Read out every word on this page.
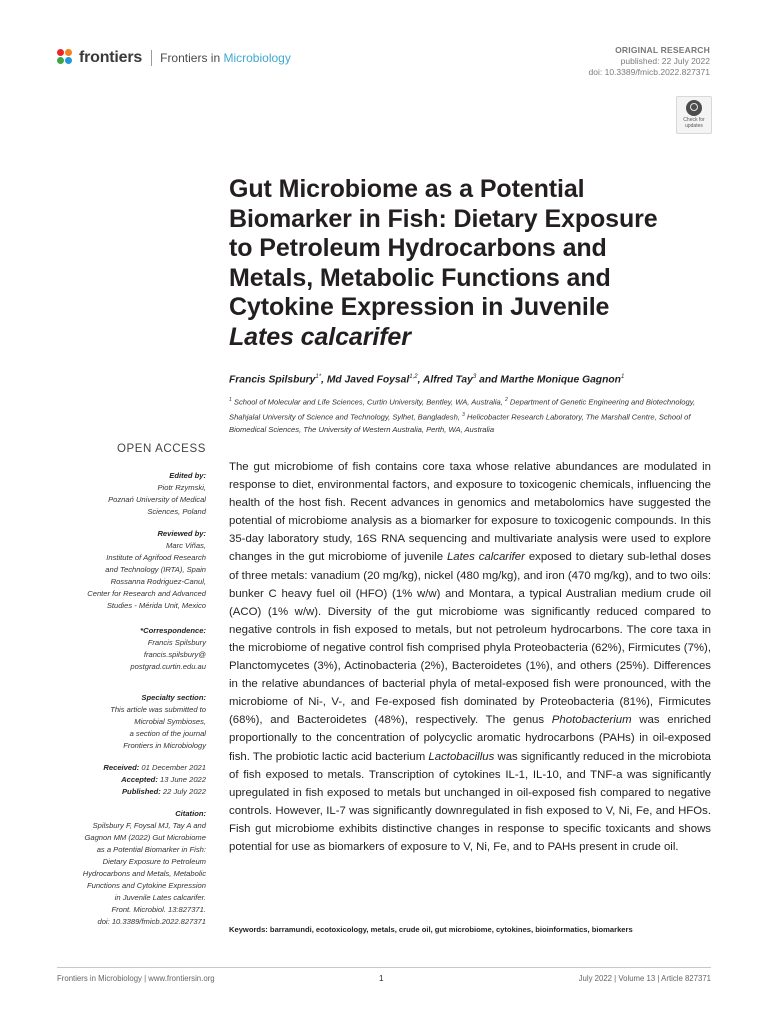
frontiers Frontiers in Microbiology
ORIGINAL RESEARCH
published: 22 July 2022
doi: 10.3389/fmicb.2022.827371
Check for updates
Gut Microbiome as a Potential
Biomarker in Fish: Dietary Exposure
to Petroleum Hydrocarbons and
Metals, Metabolic Functions and
Cytokine Expression in Juvenile
Lates calcarifer
Francis Spilsbury$^{1*}$, Md Javed Foysal$^{1,2}$, Alfred Tay$^3$ and Marthe Monique Gagnon$^1$
$^1$ School of Molecular and Life Sciences, Curtin University, Bentley, WA, Australia, $^2$ Department of Genetic Engineering and Biotechnology, Shahjalal University of Science and Technology, Sylhet, Bangladesh, $^3$ Helicobacter Research Laboratory, The Marshall Centre, School of Biomedical Sciences, The University of Western Australia, Perth, WA, Australia
OPEN ACCESS
Edited by:
Piotr Rzymski,
Poznań University of Medical
Sciences, Poland
Reviewed by:
Marc Viñas,
Institute of Agrifood Research
and Technology (IRTA), Spain
Rossanna Rodriguez-Canul,
Center for Research and Advanced
Studies - Mérida Unit, Mexico
*Correspondence:
Francis Spilsbury
francis.spilsbury@
postgrad.curtin.edu.au
Specialty section:
This article was submitted to
Microbial Symbioses,
a section of the journal
Frontiers in Microbiology
Received: 01 December 2021
Accepted: 13 June 2022
Published: 22 July 2022
Citation:
Spilsbury F, Foysal MJ, Tay A and
Gagnon MM (2022) Gut Microbiome
as a Potential Biomarker in Fish:
Dietary Exposure to Petroleum
Hydrocarbons and Metals, Metabolic
Functions and Cytokine Expression
in Juvenile Lates calcarifer.
Front. Microbiol. 13:827371.
doi: 10.3389/fmicb.2022.827371
The gut microbiome of fish contains core taxa whose relative abundances are modulated in response to diet, environmental factors, and exposure to toxicogenic chemicals, influencing the health of the host fish. Recent advances in genomics and metabolomics have suggested the potential of microbiome analysis as a biomarker for exposure to toxicogenic compounds. In this 35-day laboratory study, 16S RNA sequencing and multivariate analysis were used to explore changes in the gut microbiome of juvenile Lates calcarifer exposed to dietary sub-lethal doses of three metals: vanadium (20 mg/kg), nickel (480 mg/kg), and iron (470 mg/kg), and to two oils: bunker C heavy fuel oil (HFO) (1% w/w) and Montara, a typical Australian medium crude oil (ACO) (1% w/w). Diversity of the gut microbiome was significantly reduced compared to negative controls in fish exposed to metals, but not petroleum hydrocarbons. The core taxa in the microbiome of negative control fish comprised phyla Proteobacteria (62%), Firmicutes (7%), Planctomycetes (3%), Actinobacteria (2%), Bacteroidetes (1%), and others (25%). Differences in the relative abundances of bacterial phyla of metal-exposed fish were pronounced, with the microbiome of Ni-, V-, and Fe-exposed fish dominated by Proteobacteria (81%), Firmicutes (68%), and Bacteroidetes (48%), respectively. The genus Photobacterium was enriched proportionally to the concentration of polycyclic aromatic hydrocarbons (PAHs) in oil-exposed fish. The probiotic lactic acid bacterium Lactobacillus was significantly reduced in the microbiota of fish exposed to metals. Transcription of cytokines IL-1, IL-10, and TNF-a was significantly upregulated in fish exposed to metals but unchanged in oil-exposed fish compared to negative controls. However, IL-7 was significantly downregulated in fish exposed to V, Ni, Fe, and HFOs. Fish gut microbiome exhibits distinctive changes in response to specific toxicants and shows potential for use as biomarkers of exposure to V, Ni, Fe, and to PAHs present in crude oil.
Keywords: barramundi, ecotoxicology, metals, crude oil, gut microbiome, cytokines, bioinformatics, biomarkers
Frontiers in Microbiology | www.frontiersin.org	1	July 2022 | Volume 13 | Article 827371
